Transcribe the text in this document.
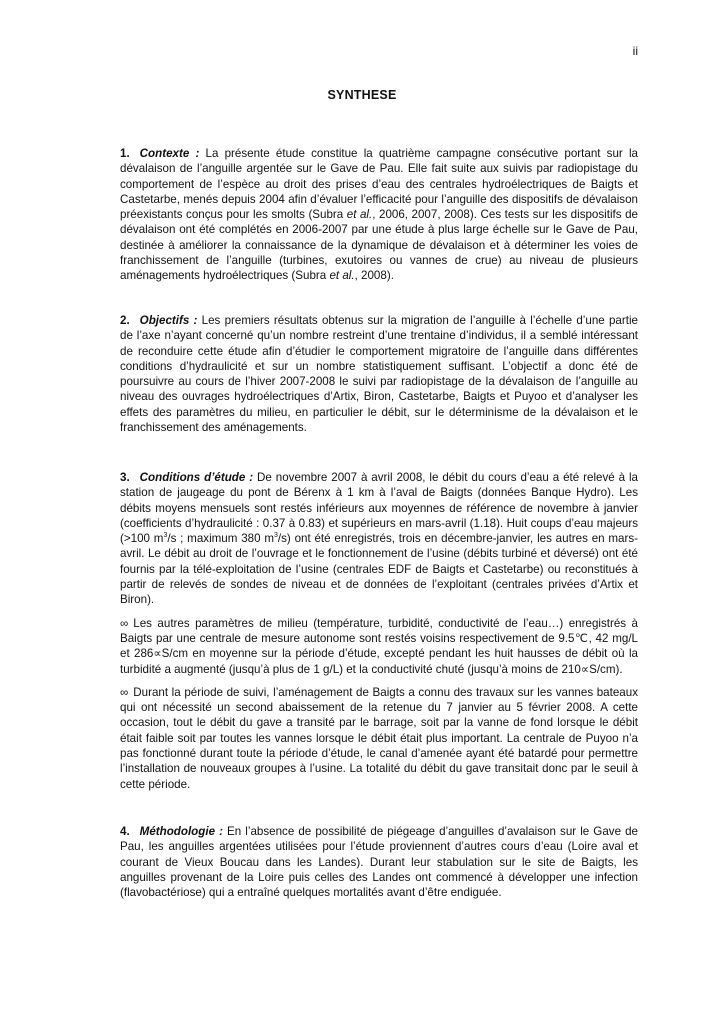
ii
SYNTHESE

1. Contexte : La présente étude constitue la quatrième campagne consécutive portant sur la dévalaison de l’anguille argentée sur le Gave de Pau. Elle fait suite aux suivis par radiopistage du comportement de l’espèce au droit des prises d’eau des centrales hydroélectriques de Baigts et Castetarbe, menés depuis 2004 afin d’évaluer l’efficacité pour l’anguille des dispositifs de dévalaison préexistants conçus pour les smolts (Subra et al., 2006, 2007, 2008). Ces tests sur les dispositifs de dévalaison ont été complétés en 2006-2007 par une étude à plus large échelle sur le Gave de Pau, destinée à améliorer la connaissance de la dynamique de dévalaison et à déterminer les voies de franchissement de l’anguille (turbines, exutoires ou vannes de crue) au niveau de plusieurs aménagements hydroélectriques (Subra et al., 2008).

2. Objectifs : Les premiers résultats obtenus sur la migration de l’anguille à l’échelle d’une partie de l’axe n’ayant concerné qu’un nombre restreint d’une trentaine d’individus, il a semblé intéressant de reconduire cette étude afin d’étudier le comportement migratoire de l’anguille dans différentes conditions d’hydraulicité et sur un nombre statistiquement suffisant. L’objectif a donc été de poursuivre au cours de l’hiver 2007-2008 le suivi par radiopistage de la dévalaison de l’anguille au niveau des ouvrages hydroélectriques d’Artix, Biron, Castetarbe, Baigts et Puyoo et d’analyser les effets des paramètres du milieu, en particulier le débit, sur le déterminisme de la dévalaison et le franchissement des aménagements.

3. Conditions d’étude : De novembre 2007 à avril 2008, le débit du cours d’eau a été relevé à la station de jaugeage du pont de Bérenx à 1 km à l’aval de Baigts (données Banque Hydro). Les débits moyens mensuels sont restés inférieurs aux moyennes de référence de novembre à janvier (coefficients d’hydraulicité : 0.37 à 0.83) et supérieurs en mars-avril (1.18). Huit coups d’eau majeurs (>100 $m^3/s$ ; maximum 380 $m^3/s$) ont été enregistrés, trois en décembre-janvier, les autres en mars-avril. Le débit au droit de l’ouvrage et le fonctionnement de l’usine (débits turbiné et déversé) ont été fournis par la télé-exploitation de l’usine (centrales EDF de Baigts et Castetarbe) ou reconstitués à partir de relevés de sondes de niveau et de données de l’exploitant (centrales privées d’Artix et Biron).

∞ Les autres paramètres de milieu (température, turbidité, conductivité de l’eau…) enregistrés à Baigts par une centrale de mesure autonome sont restés voisins respectivement de 9.5℃, 42 mg/L et 286∝S/cm en moyenne sur la période d’étude, excepté pendant les huit hausses de débit où la turbidité a augmenté (jusqu’à plus de 1 g/L) et la conductivité chuté (jusqu’à moins de 210∝S/cm).

∞ Durant la période de suivi, l’aménagement de Baigts a connu des travaux sur les vannes bateaux qui ont nécessité un second abaissement de la retenue du 7 janvier au 5 février 2008. A cette occasion, tout le débit du gave a transité par le barrage, soit par la vanne de fond lorsque le débit était faible soit par toutes les vannes lorsque le débit était plus important. La centrale de Puyoo n’a pas fonctionné durant toute la période d’étude, le canal d’amenée ayant été batardé pour permettre l’installation de nouveaux groupes à l’usine. La totalité du débit du gave transitait donc par le seuil à cette période.

4. Méthodologie : En l’absence de possibilité de piégeage d’anguilles d’avalaison sur le Gave de Pau, les anguilles argentées utilisées pour l’étude proviennent d’autres cours d’eau (Loire aval et courant de Vieux Boucau dans les Landes). Durant leur stabulation sur le site de Baigts, les anguilles provenant de la Loire puis celles des Landes ont commencé à développer une infection (flavobactériose) qui a entraîné quelques mortalités avant d’être endiguée.
